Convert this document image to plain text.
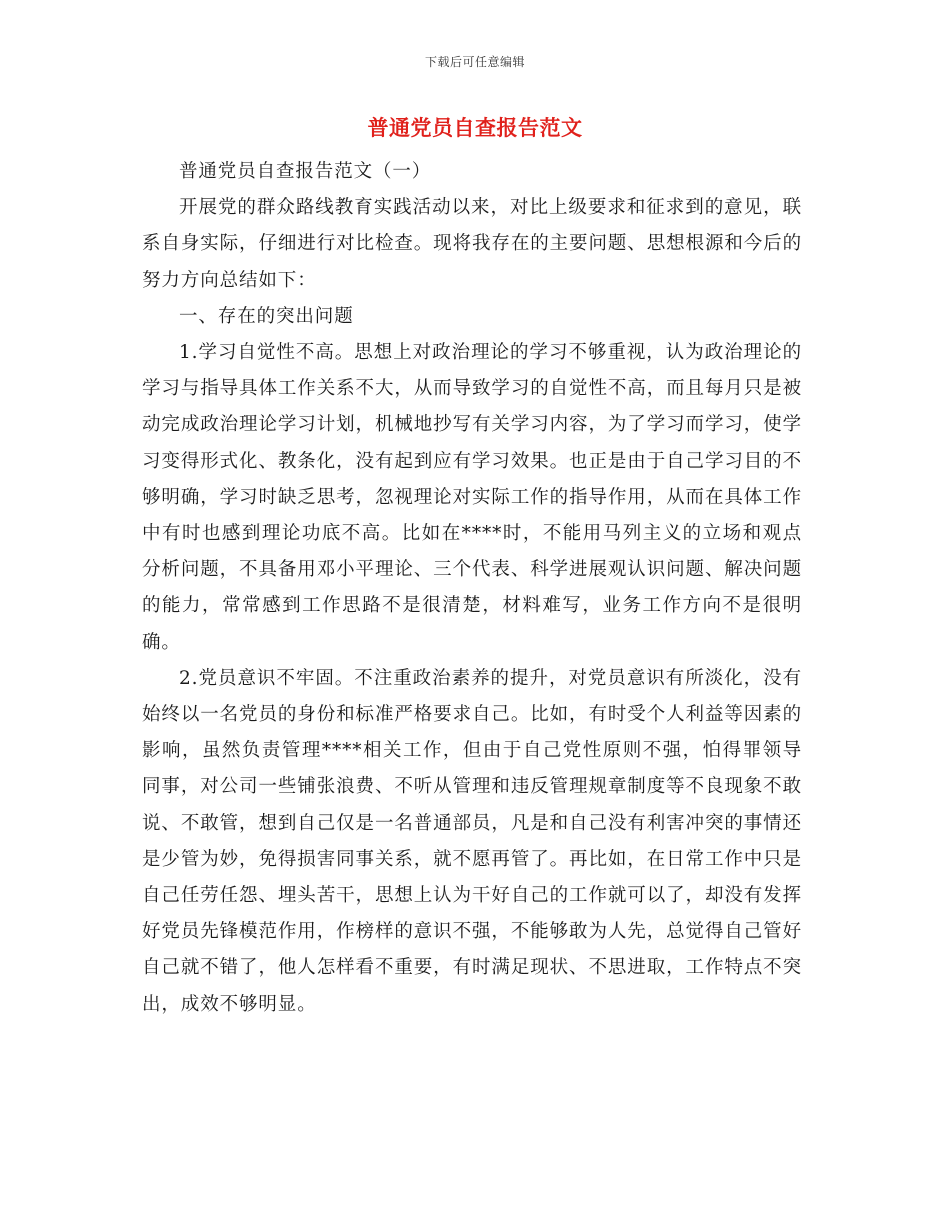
下载后可任意编辑
普通党员自查报告范文

普通党员自查报告范文（一）

开展党的群众路线教育实践活动以来，对比上级要求和征求到的意见，联系自身实际，仔细进行对比检查。现将我存在的主要问题、思想根源和今后的努力方向总结如下：

一、存在的突出问题

1.学习自觉性不高。思想上对政治理论的学习不够重视，认为政治理论的学习与指导具体工作关系不大，从而导致学习的自觉性不高，而且每月只是被动完成政治理论学习计划，机械地抄写有关学习内容，为了学习而学习，使学习变得形式化、教条化，没有起到应有学习效果。也正是由于自己学习目的不够明确，学习时缺乏思考，忽视理论对实际工作的指导作用，从而在具体工作中有时也感到理论功底不高。比如在****时，不能用马列主义的立场和观点分析问题，不具备用邓小平理论、三个代表、科学进展观认识问题、解决问题的能力，常常感到工作思路不是很清楚，材料难写，业务工作方向不是很明确。

2.党员意识不牢固。不注重政治素养的提升，对党员意识有所淡化，没有始终以一名党员的身份和标准严格要求自己。比如，有时受个人利益等因素的影响，虽然负责管理****相关工作，但由于自己党性原则不强，怕得罪领导同事，对公司一些铺张浪费、不听从管理和违反管理规章制度等不良现象不敢说、不敢管，想到自己仅是一名普通部员，凡是和自己没有利害冲突的事情还是少管为妙，免得损害同事关系，就不愿再管了。再比如，在日常工作中只是自己任劳任怨、埋头苦干，思想上认为干好自己的工作就可以了，却没有发挥好党员先锋模范作用，作榜样的意识不强，不能够敢为人先，总觉得自己管好自己就不错了，他人怎样看不重要，有时满足现状、不思进取，工作特点不突出，成效不够明显。
